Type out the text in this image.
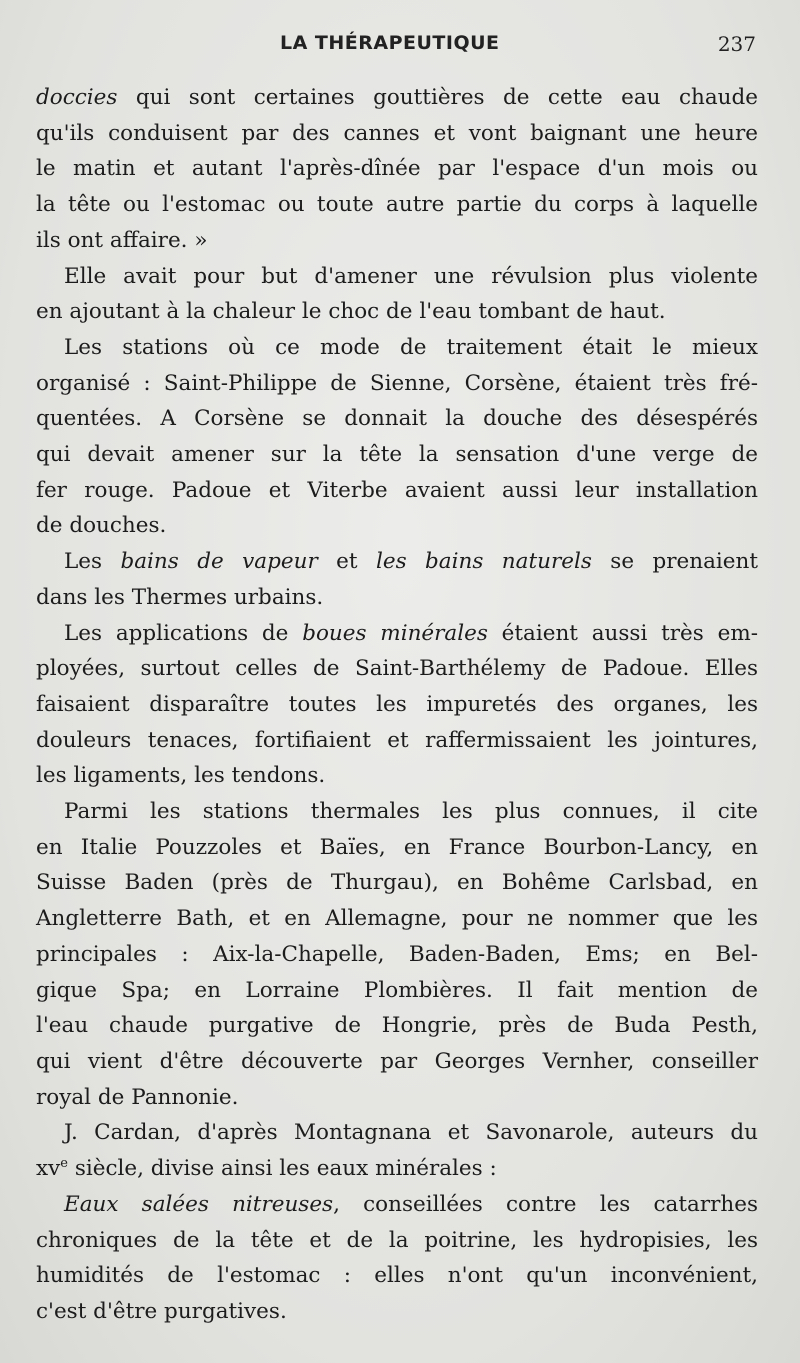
LA THÉRAPEUTIQUE	237
doccies qui sont certaines gouttières de cette eau chaude
qu'ils conduisent par des cannes et vont baignant une heure
le matin et autant l'après-dînée par l'espace d'un mois ou
la tête ou l'estomac ou toute autre partie du corps à laquelle
ils ont affaire. »
Elle avait pour but d'amener une révulsion plus violente
en ajoutant à la chaleur le choc de l'eau tombant de haut.
Les stations où ce mode de traitement était le mieux
organisé : Saint-Philippe de Sienne, Corsène, étaient très fré-
quentées. A Corsène se donnait la douche des désespérés
qui devait amener sur la tête la sensation d'une verge de
fer rouge. Padoue et Viterbe avaient aussi leur installation
de douches.
Les bains de vapeur et les bains naturels se prenaient
dans les Thermes urbains.
Les applications de boues minérales étaient aussi très em-
ployées, surtout celles de Saint-Barthélemy de Padoue. Elles
faisaient disparaître toutes les impuretés des organes, les
douleurs tenaces, fortifiaient et raffermissaient les jointures,
les ligaments, les tendons.
Parmi les stations thermales les plus connues, il cite
en Italie Pouzzoles et Baïes, en France Bourbon-Lancy, en
Suisse Baden (près de Thurgau), en Bohême Carlsbad, en
Angletterre Bath, et en Allemagne, pour ne nommer que les
principales : Aix-la-Chapelle, Baden-Baden, Ems; en Bel-
gique Spa; en Lorraine Plombières. Il fait mention de
l'eau chaude purgative de Hongrie, près de Buda Pesth,
qui vient d'être découverte par Georges Vernher, conseiller
royal de Pannonie.
J. Cardan, d'après Montagnana et Savonarole, auteurs du
$xv^e$ siècle, divise ainsi les eaux minérales :
Eaux salées nitreuses, conseillées contre les catarrhes
chroniques de la tête et de la poitrine, les hydropisies, les
humidités de l'estomac : elles n'ont qu'un inconvénient,
c'est d'être purgatives.
